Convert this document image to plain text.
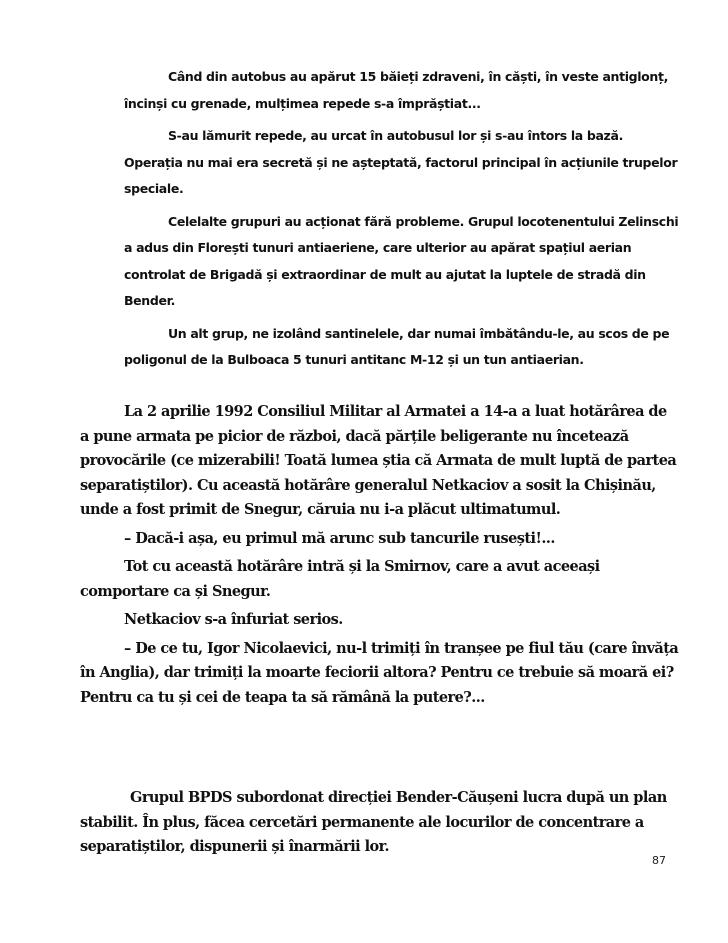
Când din autobus au apărut 15 băieți zdraveni, în căști, în veste antiglonț, încinși cu grenade, mulțimea repede s-a împrăștiat...

S-au lămurit repede, au urcat în autobusul lor și s-au întors la bază. Operația nu mai era secretă și ne așteptată, factorul principal în acțiunile trupelor speciale.

Celelalte grupuri au acționat fără probleme. Grupul locotenentului Zelinschi a adus din Florești tunuri antiaeriene, care ulterior au apărat spațiul aerian controlat de Brigadă și extraordinar de mult au ajutat la luptele de stradă din Bender.

Un alt grup, ne izolând santinelele, dar numai îmbătându-le, au scos de pe poligonul de la Bulboaca 5 tunuri antitanc M-12 și un tun antiaerian.

La 2 aprilie 1992 Consiliul Militar al Armatei a 14-a a luat hotărârea de a pune armata pe picior de război, dacă părțile beligerante nu încetează provocările (ce mizerabili! Toată lumea știa că Armata de mult luptă de partea separatiștilor). Cu această hotărâre generalul Netkaciov a sosit la Chișinău, unde a fost primit de Snegur, căruia nu i-a plăcut ultimatumul.

– Dacă-i așa, eu primul mă arunc sub tancurile rusești!...

Tot cu această hotărâre intră și la Smirnov, care a avut aceeași comportare ca și Snegur.

Netkaciov s-a înfuriat serios.

– De ce tu, Igor Nicolaevici, nu-l trimiți în tranșee pe fiul tău (care învăța în Anglia), dar trimiți la moarte feciorii altora? Pentru ce trebuie să moară ei? Pentru ca tu și cei de teapa ta să rămână la putere?...

Grupul BPDS subordonat direcției Bender-Căușeni lucra după un plan stabilit. În plus, făcea cercetări permanente ale locurilor de concentrare a separatiștilor, dispunerii și înarmării lor.

87
